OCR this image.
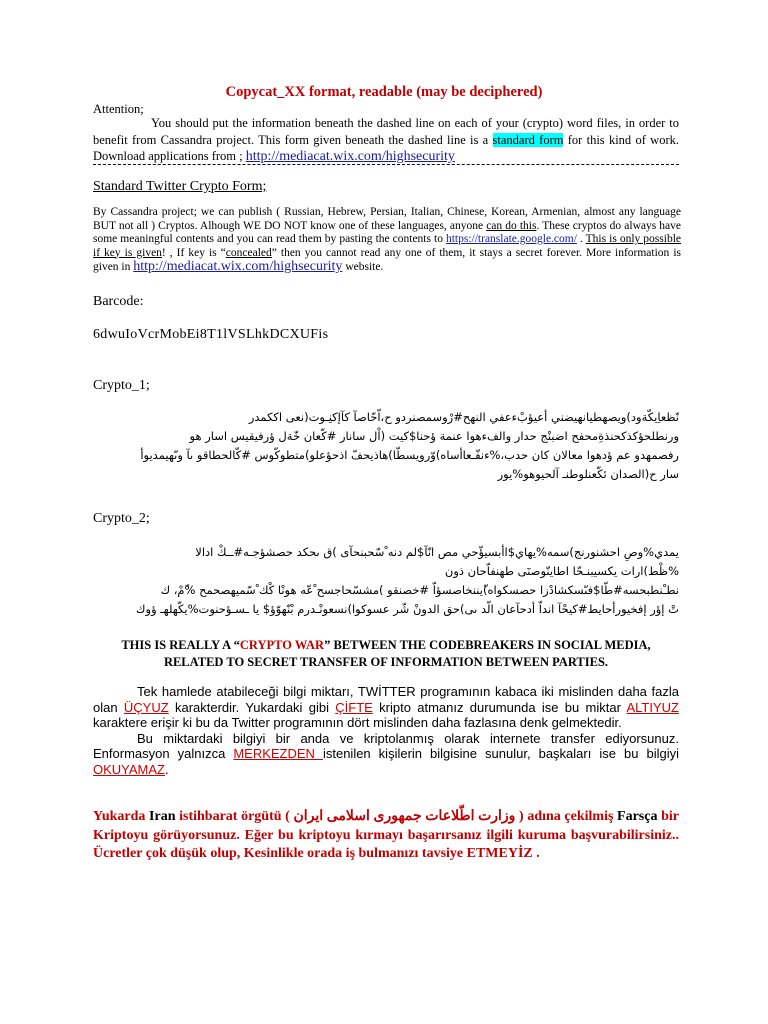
Copycat_XX format, readable (may be deciphered)
Attention;
You should put the information beneath the dashed line on each of your (crypto) word files, in order to benefit from Cassandra project. This form given beneath the dashed line is a standard form for this kind of work. Download applications from ; http://mediacat.wix.com/highsecurity
Standard Twitter Crypto Form;
By Cassandra project; we can publish ( Russian, Hebrew, Persian, Italian, Chinese, Korean, Armenian, almost any language BUT not all ) Cryptos. Alhough WE DO NOT know one of these languages, anyone can do this. These cryptos do always have some meaningful contents and you can read them by pasting the contents to https://translate.google.com/ . This is only possible if key is given! , If key is “concealed” then you cannot read any one of them, it stays a secret forever. More information is given in http://mediacat.wix.com/highsecurity website.
Barcode:
6dwuIoVcrMobEi8T1lVSLhkDCXUFis
Crypto_1;
نّظعاِيكّةود)ويصهطيانهيضني أعيؤبْءعفي النهح#رْوسمصنردو ح،اّحّاصآ كآإكنِـوت(نعى اككمدر
ورنطلحؤكذكحنذةِمحفح اضبنْج حدار والفءهوا عنمة ؤحنا$كيت (اْل سانار #كّعان خّةل ؤرفيقيس اسار هو
رفصمهدو عم ؤدهوا معالان كان حدب،%ءنفّـعاأساه)وّرويسطّا)هاذيحفّ اذحؤعلو)متطوكّوس #كّالحطاقو ىآ وىّهيمديوأ
سار ح(الصدان ئكّعنلوطنـ آلحيوهو%يور
Crypto_2;
يمدي%وصِ احشنورنج)سمه%يهاي$اأبسيؤّحي مص انّآ$لم دنه ْسّحبنحآى )ق ىحكد حصشؤجـه#ــكْ ادالا
%ظْط)ارات يكسيبنـحّا اطاينّوصنٓى طهنفاّحان ذون
نطـْنطبحسه#طّا$فىّسكشادْزا حصسكواه)ّيننخاصسؤاّ #خصنقو )مشسّحاجسح ْعّه هونْا كْك ْسّميهصحمح %ّمْ، ك
تْ إؤر إفخيورأحايط#كيحْآ انداّ أدحآعان الّد ىى)حق الدونْ شّر عسوكوا)نسعونْـدرم بْنّهوّؤ$ يا ـسـؤحنوت%يكّهلهـ ؤوك
THIS IS REALLY A “CRYPTO WAR” BETWEEN THE CODEBREAKERS IN SOCIAL MEDIA, RELATED TO SECRET TRANSFER OF INFORMATION BETWEEN PARTIES.
Tek hamlede atabileceği bilgi miktarı, TWİTTER programının kabaca iki mislinden daha fazla olan ÜÇYUZ karakterdir. Yukardaki gibi ÇİFTE kripto atmanız durumunda ise bu miktar ALTIYUZ karaktere erişir ki bu da Twitter programının dört mislinden daha fazlasına denk gelmektedir.
Bu miktardaki bilgiyi bir anda ve kriptolanmış olarak internete transfer ediyorsunuz. Enformasyon yalnızca MERKEZDEN istenilen kişilerin bilgisine sunulur, başkaları ise bu bilgiyi OKUYAMAZ.
Yukarda Iran istihbarat örgütü ( وزارت اطّلاعات جمهوری اسلامی ایران ) adına çekilmiş Farsça bir Kriptoyu görüyorsunuz. Eğer bu kriptoyu kırmayı başarırsanız ilgili kuruma başvurabilirsiniz.. Ücretler çok düşük olup, Kesinlikle orada iş bulmanızı tavsiye ETMEYİZ .
